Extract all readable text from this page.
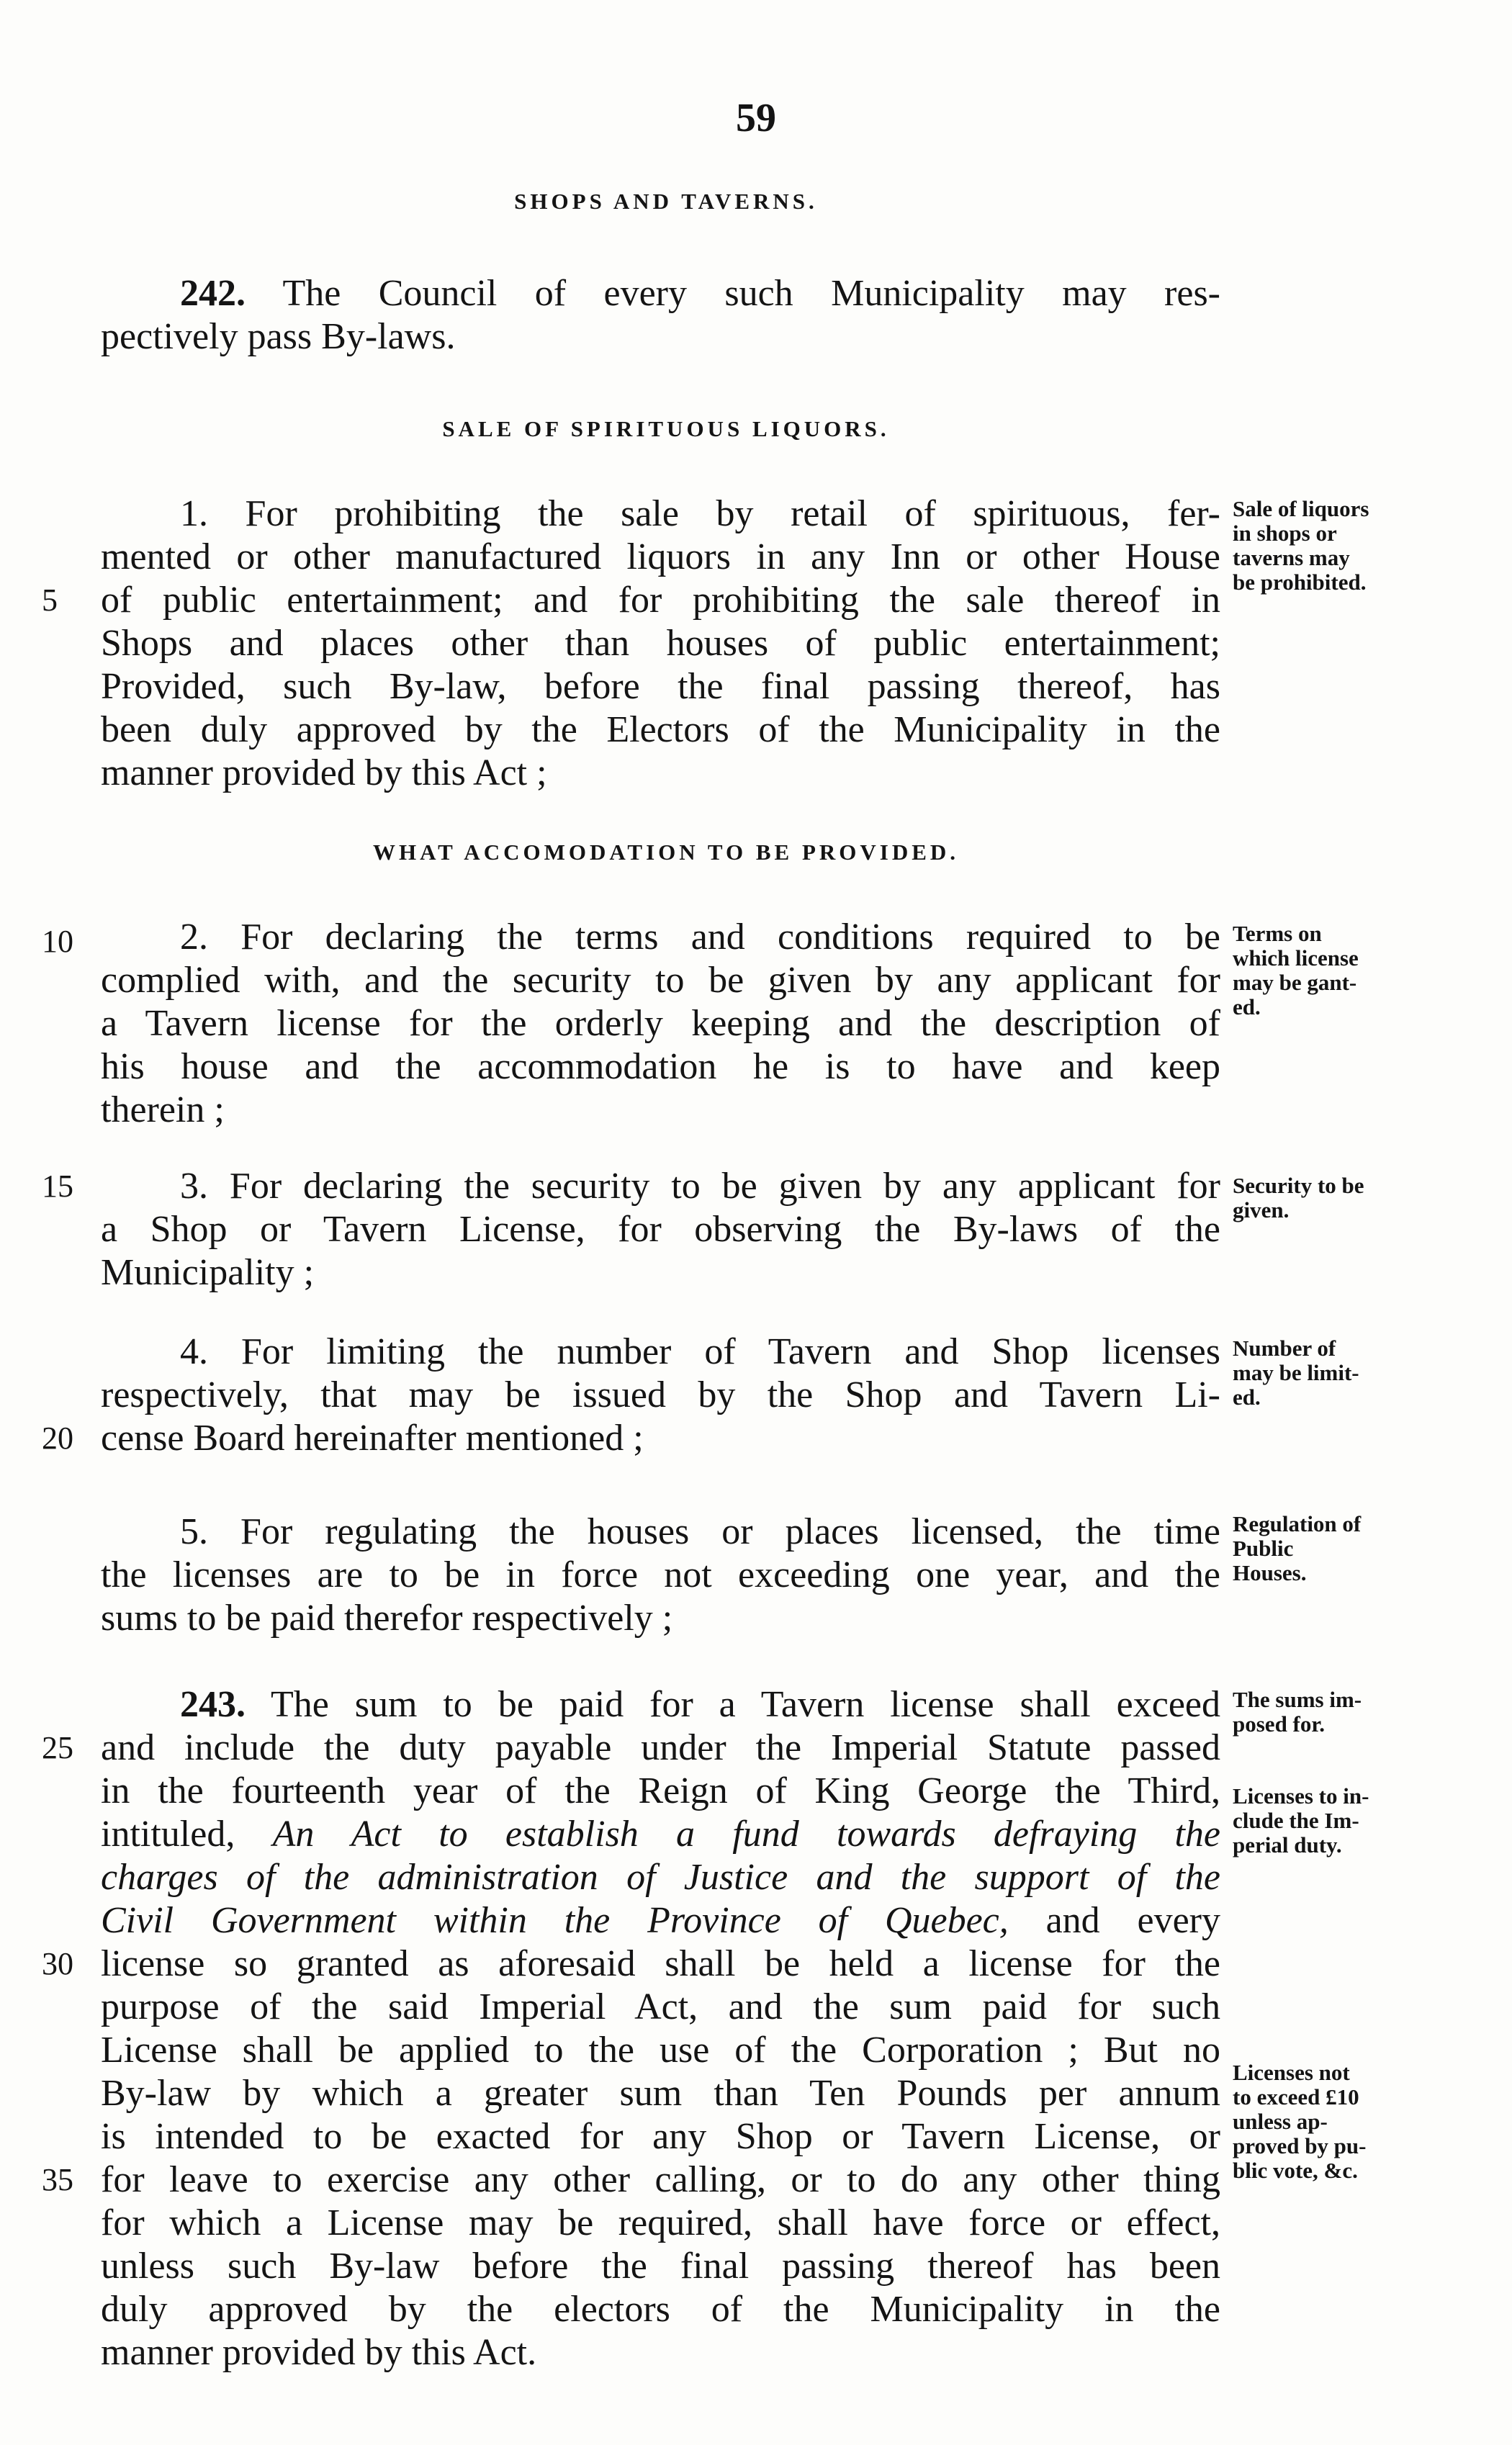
59
SHOPS AND TAVERNS.
242. The Council of every such Municipality may res-
pectively pass By-laws.
SALE OF SPIRITUOUS LIQUORS.
1. For prohibiting the sale by retail of spirituous, fer-
mented or other manufactured liquors in any Inn or other House
of public entertainment; and for prohibiting the sale thereof in
Shops and places other than houses of public entertainment;
Provided, such By-law, before the final passing thereof, has
been duly approved by the Electors of the Municipality in the
manner provided by this Act ;
5
Sale of liquors
in shops or
taverns may
be prohibited.
WHAT ACCOMODATION TO BE PROVIDED.
2. For declaring the terms and conditions required to be
complied with, and the security to be given by any applicant for
a Tavern license for the orderly keeping and the description of
his house and the accommodation he is to have and keep
therein ;
10	Terms on
which license
may be gant-
ed.
3. For declaring the security to be given by any applicant for
a Shop or Tavern License, for observing the By-laws of the
Municipality ;
15	Security to be
given.
4. For limiting the number of Tavern and Shop licenses
respectively, that may be issued by the Shop and Tavern Li-
cense Board hereinafter mentioned ;
20
Number of
may be limit-
ed.
5. For regulating the houses or places licensed, the time
the licenses are to be in force not exceeding one year, and the
sums to be paid therefor respectively ;
Regulation of
Public
Houses.
243. The sum to be paid for a Tavern license shall exceed
and include the duty payable under the Imperial Statute passed
in the fourteenth year of the Reign of King George the Third,
intituled, An Act to establish a fund towards defraying the
charges of the administration of Justice and the support of the
Civil Government within the Province of Quebec, and every
license so granted as aforesaid shall be held a license for the
purpose of the said Imperial Act, and the sum paid for such
License shall be applied to the use of the Corporation ; But no
By-law by which a greater sum than Ten Pounds per annum
is intended to be exacted for any Shop or Tavern License, or
for leave to exercise any other calling, or to do any other thing
for which a License may be required, shall have force or effect,
unless such By-law before the final passing thereof has been
duly approved by the electors of the Municipality in the
manner provided by this Act.
25
30
35
The sums im-
posed for.
Licenses to in-
clude the Im-
perial duty.
Licenses not
to exceed £10
unless ap-
proved by pu-
blic vote, &c.
